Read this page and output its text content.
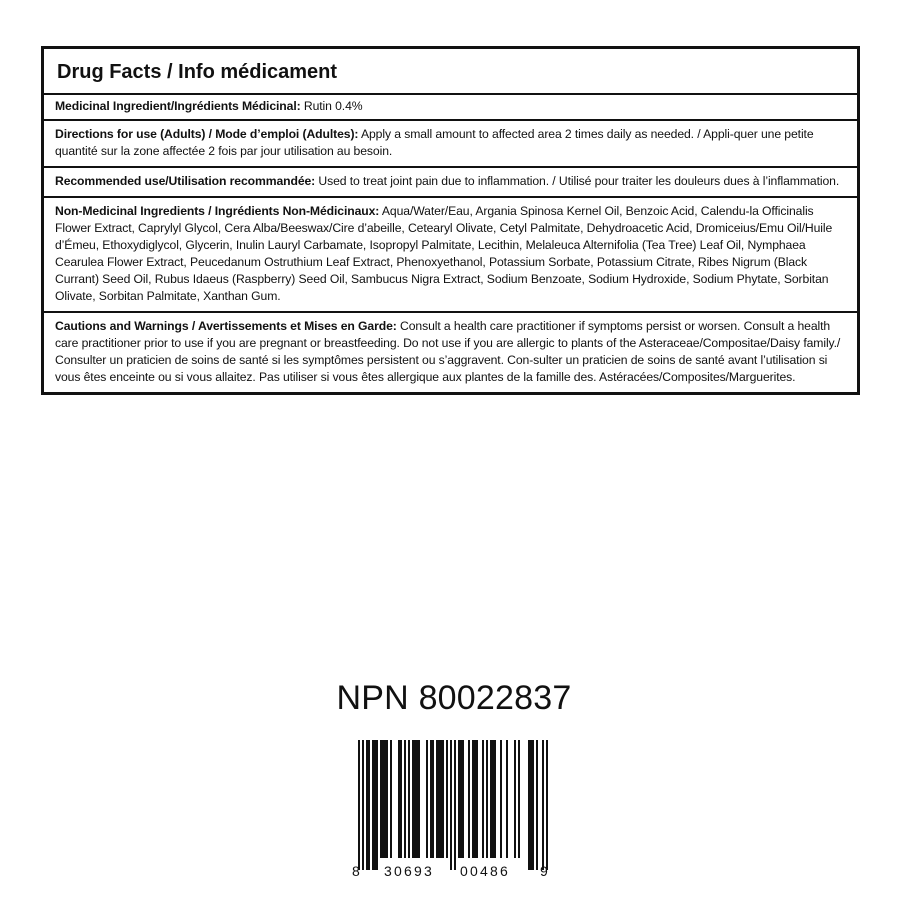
Drug Facts / Info médicament
Medicinal Ingredient/Ingrédients Médicinal: Rutin 0.4%
Directions for use (Adults) / Mode d’emploi (Adultes): Apply a small amount to affected area 2 times daily as needed. / Appli-quer une petite quantité sur la zone affectée 2 fois par jour utilisation au besoin.
Recommended use/Utilisation recommandée: Used to treat joint pain due to inflammation. / Utilisé pour traiter les douleurs dues à l’inflammation.
Non-Medicinal Ingredients / Ingrédients Non-Médicinaux: Aqua/Water/Eau, Argania Spinosa Kernel Oil, Benzoic Acid, Calendu-la Officinalis Flower Extract, Caprylyl Glycol, Cera Alba/Beeswax/Cire d’abeille, Cetearyl Olivate, Cetyl Palmitate, Dehydroacetic Acid, Dromiceius/Emu Oil/Huile d’Émeu, Ethoxydiglycol, Glycerin, Inulin Lauryl Carbamate, Isopropyl Palmitate, Lecithin, Melaleuca Alternifolia (Tea Tree) Leaf Oil, Nymphaea Cearulea Flower Extract, Peucedanum Ostruthium Leaf Extract, Phenoxyethanol, Potassium Sorbate, Potassium Citrate, Ribes Nigrum (Black Currant) Seed Oil, Rubus Idaeus (Raspberry) Seed Oil, Sambucus Nigra Extract, Sodium Benzoate, Sodium Hydroxide, Sodium Phytate, Sorbitan Olivate, Sorbitan Palmitate, Xanthan Gum.
Cautions and Warnings / Avertissements et Mises en Garde: Consult a health care practitioner if symptoms persist or worsen. Consult a health care practitioner prior to use if you are pregnant or breastfeeding. Do not use if you are allergic to plants of the Asteraceae/Compositae/Daisy family./ Consulter un praticien de soins de santé si les symptômes persistent ou s’aggravent. Con-sulter un praticien de soins de santé avant l’utilisation si vous êtes enceinte ou si vous allaitez. Pas utiliser si vous êtes allergique aux plantes de la famille des. Astéracées/Composites/Marguerites.
NPN 80022837
8 30693 00486 9
